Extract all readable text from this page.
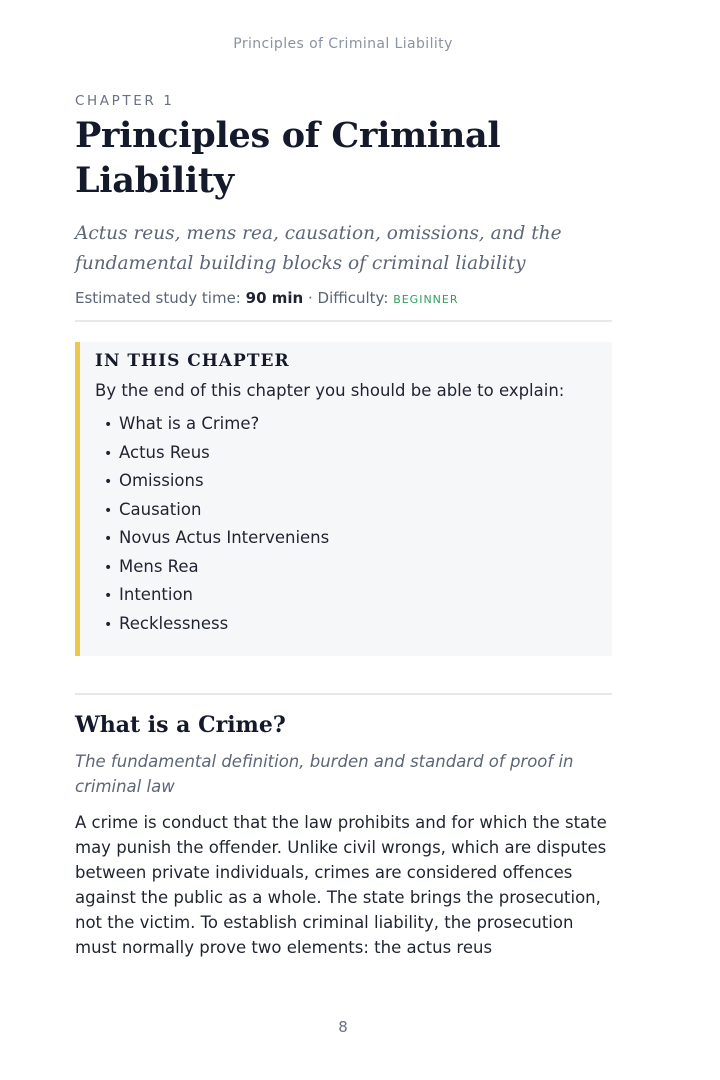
Principles of Criminal Liability
CHAPTER 1
Principles of Criminal Liability

Actus reus, mens rea, causation, omissions, and the fundamental building blocks of criminal liability

Estimated study time: 90 min · Difficulty: BEGINNER
IN THIS CHAPTER
By the end of this chapter you should be able to explain:
• What is a Crime?
• Actus Reus
• Omissions
• Causation
• Novus Actus Interveniens
• Mens Rea
• Intention
• Recklessness
What is a Crime?

The fundamental definition, burden and standard of proof in criminal law

A crime is conduct that the law prohibits and for which the state may punish the offender. Unlike civil wrongs, which are disputes between private individuals, crimes are considered offences against the public as a whole. The state brings the prosecution, not the victim. To establish criminal liability, the prosecution must normally prove two elements: the actus reus

8
